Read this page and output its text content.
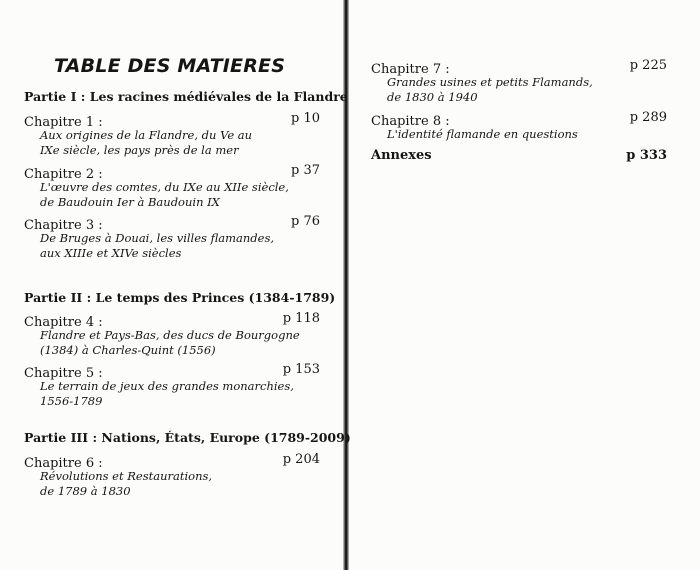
TABLE DES MATIERES
Partie I : Les racines médiévales de la Flandre
Chapitre 1 :	p 10
Aux origines de la Flandre, du Ve au
IXe siècle, les pays près de la mer
Chapitre 2 :	p 37
L'œuvre des comtes, du IXe au XIIe siècle,
de Baudouin Ier à Baudouin IX
Chapitre 3 :	p 76
De Bruges à Douai, les villes flamandes,
aux XIIIe et XIVe siècles
Partie II : Le temps des Princes (1384-1789)
Chapitre 4 :	p 118
Flandre et Pays-Bas, des ducs de Bourgogne
(1384) à Charles-Quint (1556)
Chapitre 5 :	p 153
Le terrain de jeux des grandes monarchies,
1556-1789
Partie III : Nations, États, Europe (1789-2009)
Chapitre 6 :	p 204
Révolutions et Restaurations,
de 1789 à 1830
Chapitre 7 :	p 225
Grandes usines et petits Flamands,
de 1830 à 1940
Chapitre 8 :	p 289
L'identité flamande en questions
Annexes	p 333
